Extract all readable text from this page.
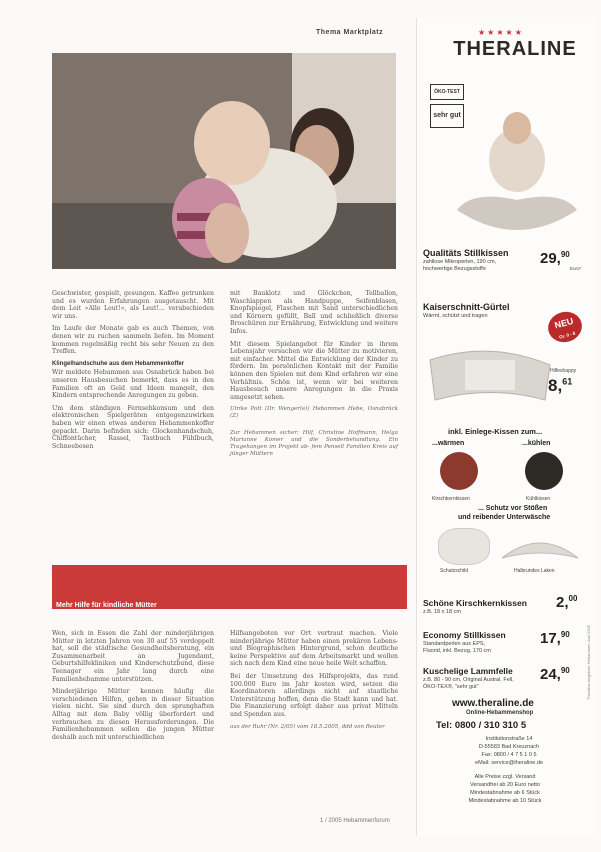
Thema Marktplatz

Geschwister, gespielt, gesungen. Kaffee getrunken und es wurden Erfahrungen ausgetauscht. Mit dem Leit »Alle Leut!«, als Leut!... verabschieden wir uns.

Im Laufe der Monate gab es auch Themen, von denen wir zu ruchen sammeln liefen. Im Moment kommen regelmäßig recht bis sehr Neuen zu den Treffen.

Klingelhandschuhe aus dem Hebammenkoffer

Wir meldete Hebammen aus Osnabrück haben bei unseren Hausbesuchen bemerkt, dass es in den Familien oft an Geld und Ideen mangelt, den Kindern entsprechende Anregungen zu geben.

Um dem ständigen Fernsehkonsum und den elektronischen Spielgeräten entgegenzuwirken haben wir einen etwas anderen Hebammenkoffer gepackt. Darin befinden sich: Glockenhandschuh, Chiffontücher, Rassel, Tastbuch Fühlbuch, Schneebesen

mit Bauklotz und Glöckchen, Tellballon, Waschlappen als Handpuppe, Seifenblasen, Knopfspiegel, Flaschen mit Sand unterschiedlichen und Körnern gefüllt, Ball und schließlich diverse Broschüren zur Ernährung, Entwicklung und weitere Infos.

Mit diesem Spielangebot für Kinder in ihrem Lebensjahr versuchen wir die Mütter zu motivieren, mit einfacher. Mittel die Entwicklung der Kinder zu fördern. Im persönlichen Kontakt mit der Familie können den Spielen mit dem Kind erfahren wir eine Verhältnis. Schön ist, wenn wir bei weiteren Hausbesuch unsere Anregungen in die Praxis umgesetzt sehen.

Ulrike Pott (Dr. Wenger(e)) Hebammen Hebe, Osnabrück (Z)
Zur Hebammen sicher: Hilf, Christine Hoffmann, Helga Marianne Komer und die Sonderbehandlung. Ein Tragehangen im Projekt ab- fem Pensell Familien Kreis auf jünger Müttern
Mehr Hilfe für kindliche Mütter

Wen, sich in Essen die Zahl der minderjährigen Mütter in letzten Jahren von 30 auf 55 verdoppelt hat, soll die städtische Gesundheitsberatung, ein Zusammenarbeit an Jugendamt, Geburtshilfekliniken und Kinderschutzbund, diese Teenager ein Jahr lang durch eine Familienhebamme unterstützen.

Minderjährige Mütter kennen häufig die verschiedenen Hilfen, gehen in dieser Situation vielen nicht. Sie sind durch den sprunghaften Alltag mit dem Baby völlig überfordert und verbrauchen zu diesen Herausforderungen. Die Familienhebammen sollen die jungen Mütter deshalb auch mit unterschiedlichen

Hilfsangeboten vor Ort vertraut machen. Viele minderjährige Mütter haben einen prekären Lebens- und Biographischen Hintergrund, schon deutliche keine Perspektive auf dem Arbeitsmarkt und wollen sich nach dem Kind eine neue heile Welt schaffen.

Bei der Umsetzung des Hilfsprojekts, das rund 100.000 Euro im Jahr kosten wird, setzen die Koordinatoren allerdings nicht auf staatliche Unterstützung hoffen, denn die Stadt kann und hat. Die Finanzierung erfolgt daher aus privat Mitteln und Spenden aus.

aus der Ruhr (Nr. 2/05) vom 18.5.2005, ddd von Reuter
1 / 2005 Hebammenforum
THERALINE
★★★★★
ÖKO-TEST
sehr gut
Qualitäts Stillkissen
zahllose Mikroperlen, 190 cm,
hochwertige Bezugsstoffe
29,90
Euro*
Kaiserschnitt-Gürtel
Wärmt, schützt und tragen	NEU
Gr. 0 - 8
Hilfeshappy
8,61
inkl. Einlege-Kissen zum...
...wärmen	...kühlen
Kirschkernkissen	Kühlkissen
... Schutz vor Stößen
und reibender Unterwäsche
Schutzschild	Halbrundes Laken
Schöne Kirschkernkissen
z.B. 18 x 18 cm
2,00
Economy Stillkissen
Standardperlen aus EPS,
Fluorid, inkl. Bezug, 170 cm
17,90
Kuschelige Lammfelle
z.B. 80 - 90 cm, Original Austral. Fell,
ÖKO-TEX®, "sehr gut"
24,90
www.theraline.de
Online-Hebammenshop
Tel: 0800 / 310 310 5
Institutionstraße 14
D-55583 Bad Kreuznach
Fax: 0800 / 4 7 5 1 0 5
eMail: service@theraline.de
Alle Preise zzgl. Versand
Versandfrei ab 20 Euro netto
Mindestabnahme ab 6 Stück
Mindestabnahme ab 10 Stück
Theraline Angebote Hebammen Juni 2005
